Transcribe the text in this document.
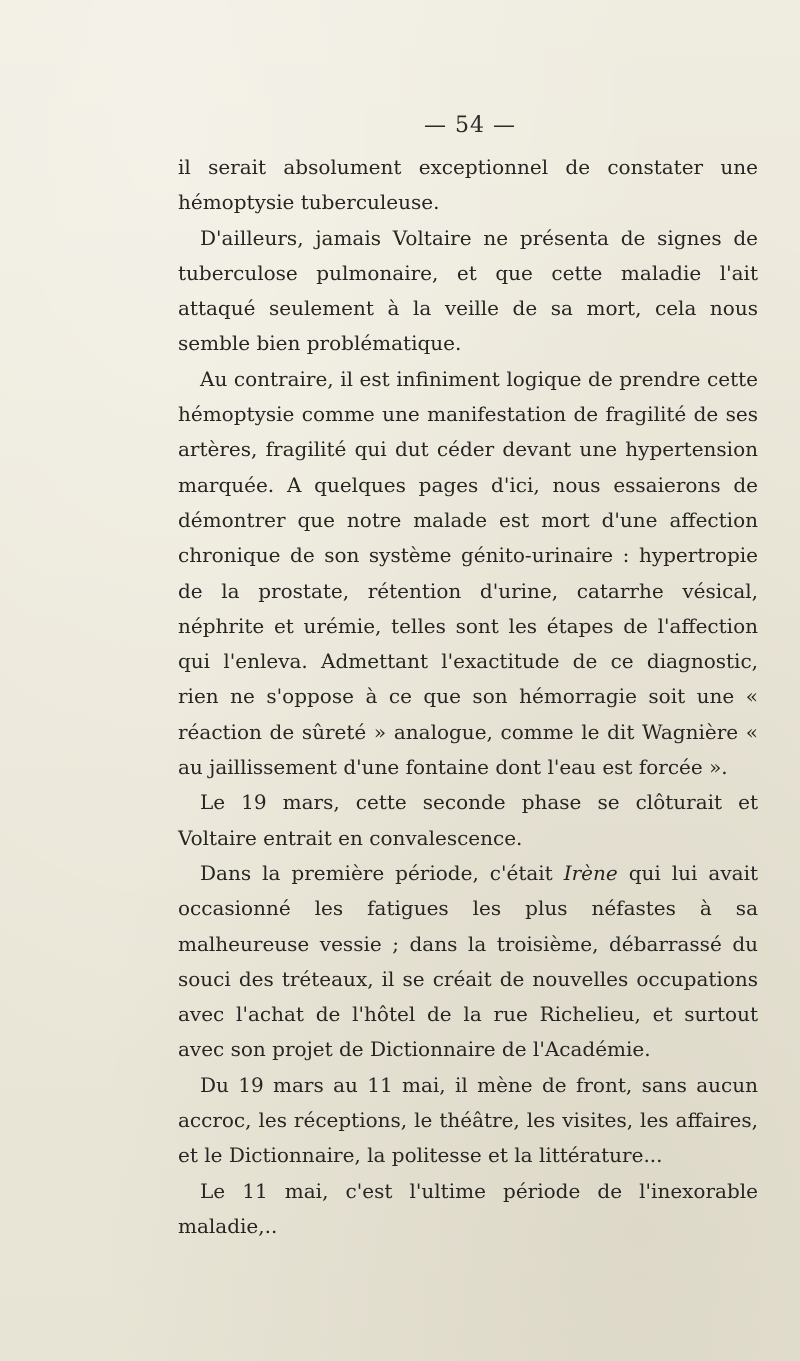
— 54 —

il serait absolument exceptionnel de constater une hémoptysie tuberculeuse.

D'ailleurs, jamais Voltaire ne présenta de signes de tuberculose pulmonaire, et que cette maladie l'ait attaqué seulement à la veille de sa mort, cela nous semble bien problématique.

Au contraire, il est infiniment logique de prendre cette hémoptysie comme une manifestation de fragilité de ses artères, fragilité qui dut céder devant une hypertension marquée. A quelques pages d'ici, nous essaierons de démontrer que notre malade est mort d'une affection chronique de son système génito-urinaire : hypertropie de la prostate, rétention d'urine, catarrhe vésical, néphrite et urémie, telles sont les étapes de l'affection qui l'enleva. Admettant l'exactitude de ce diagnostic, rien ne s'oppose à ce que son hémorragie soit une « réaction de sûreté » analogue, comme le dit Wagnière « au jaillissement d'une fontaine dont l'eau est forcée ».

Le 19 mars, cette seconde phase se clôturait et Voltaire entrait en convalescence.

Dans la première période, c'était Irène qui lui avait occasionné les fatigues les plus néfastes à sa malheureuse vessie ; dans la troisième, débarrassé du souci des tréteaux, il se créait de nouvelles occupations avec l'achat de l'hôtel de la rue Richelieu, et surtout avec son projet de Dictionnaire de l'Académie.

Du 19 mars au 11 mai, il mène de front, sans aucun accroc, les réceptions, le théâtre, les visites, les affaires, et le Dictionnaire, la politesse et la littérature...

Le 11 mai, c'est l'ultime période de l'inexorable maladie,..
